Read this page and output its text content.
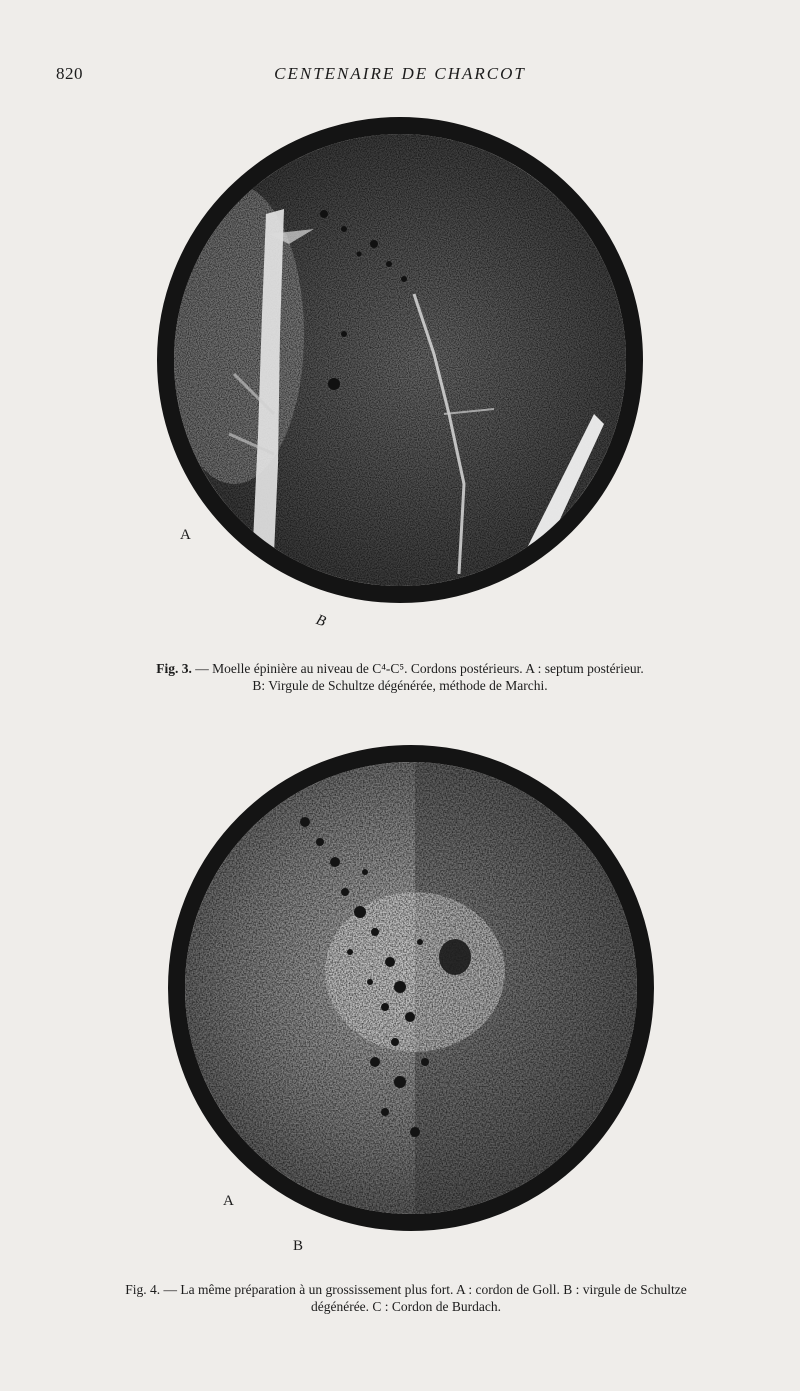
820	CENTENAIRE DE CHARCOT
A
B
Fig. 3. — Moelle épinière au niveau de C⁴-C⁵. Cordons postérieurs. A : septum postérieur.
B: Virgule de Schultze dégénérée, méthode de Marchi.
A
B
Fig. 4. — La même préparation à un grossissement plus fort. A : cordon de Goll. B : virgule de Schultze
dégénérée. C : Cordon de Burdach.
